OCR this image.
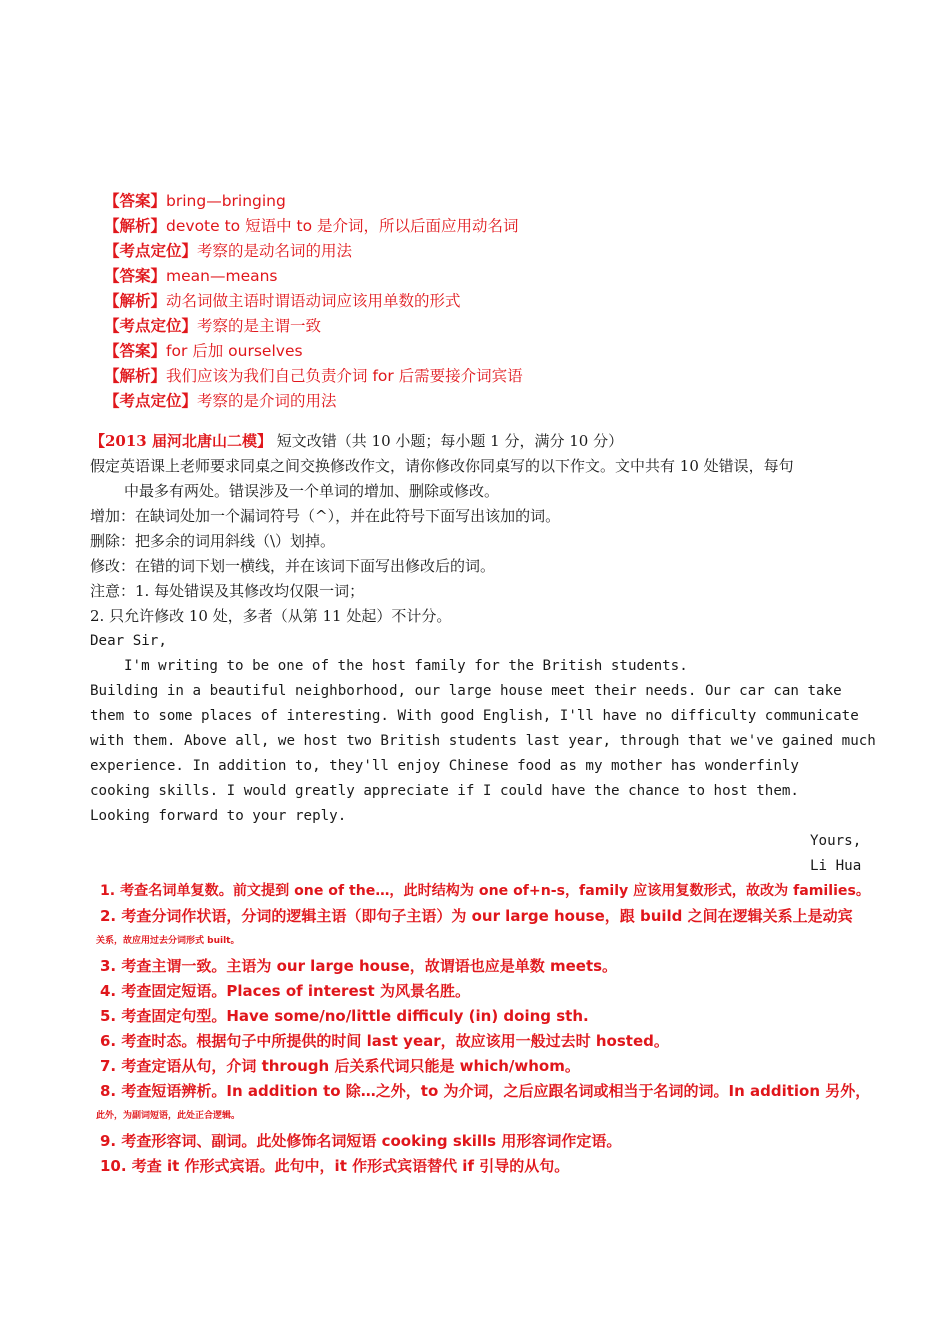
【答案】bring—bringing
【解析】devote to 短语中 to 是介词，所以后面应用动名词
【考点定位】考察的是动名词的用法
【答案】mean—means
【解析】动名词做主语时谓语动词应该用单数的形式
【考点定位】考察的是主谓一致
【答案】for 后加 ourselves
【解析】我们应该为我们自己负责介词 for 后需要接介词宾语
【考点定位】考察的是介词的用法
【2013 届河北唐山二模】 短文改错（共 10 小题；每小题 1 分，满分 10 分）
假定英语课上老师要求同桌之间交换修改作文，请你修改你同桌写的以下作文。文中共有 10 处错误，每句
中最多有两处。错误涉及一个单词的增加、删除或修改。
增加：在缺词处加一个漏词符号（^），并在此符号下面写出该加的词。
删除：把多余的词用斜线（\）划掉。
修改：在错的词下划一横线，并在该词下面写出修改后的词。
注意：1. 每处错误及其修改均仅限一词；
2. 只允许修改 10 处，多者（从第 11 处起）不计分。
Dear Sir,
I'm writing to be one of the host family for the British students.
Building in a beautiful neighborhood, our large house meet their needs. Our car can take
them to some places of interesting. With good English, I'll have no difficulty communicate
with them. Above all, we host two British students last year, through that we've gained much
experience. In addition to, they'll enjoy Chinese food as my mother has wonderfinly
cooking skills. I would greatly appreciate if I could have the chance to host them.
Looking forward to your reply.
Yours,
Li Hua
1. 考查名词单复数。前文提到 one of the…，此时结构为 one of+n-s，family 应该用复数形式，故改为 families。
2. 考查分词作状语，分词的逻辑主语（即句子主语）为 our large house，跟 build 之间在逻辑关系上是动宾
关系，故应用过去分词形式 built。
3. 考查主谓一致。主语为 our large house，故谓语也应是单数 meets。
4. 考查固定短语。Places of interest 为风景名胜。
5. 考查固定句型。Have some/no/little difficuly (in) doing sth.
6. 考查时态。根据句子中所提供的时间 last year，故应该用一般过去时 hosted。
7. 考查定语从句，介词 through 后关系代词只能是 which/whom。
8. 考查短语辨析。In addition to 除…之外，to 为介词，之后应跟名词或相当于名词的词。In addition 另外，
此外，为副词短语，此处正合逻辑。
9. 考查形容词、副词。此处修饰名词短语 cooking skills 用形容词作定语。
10. 考查 it 作形式宾语。此句中，it 作形式宾语替代 if 引导的从句。
